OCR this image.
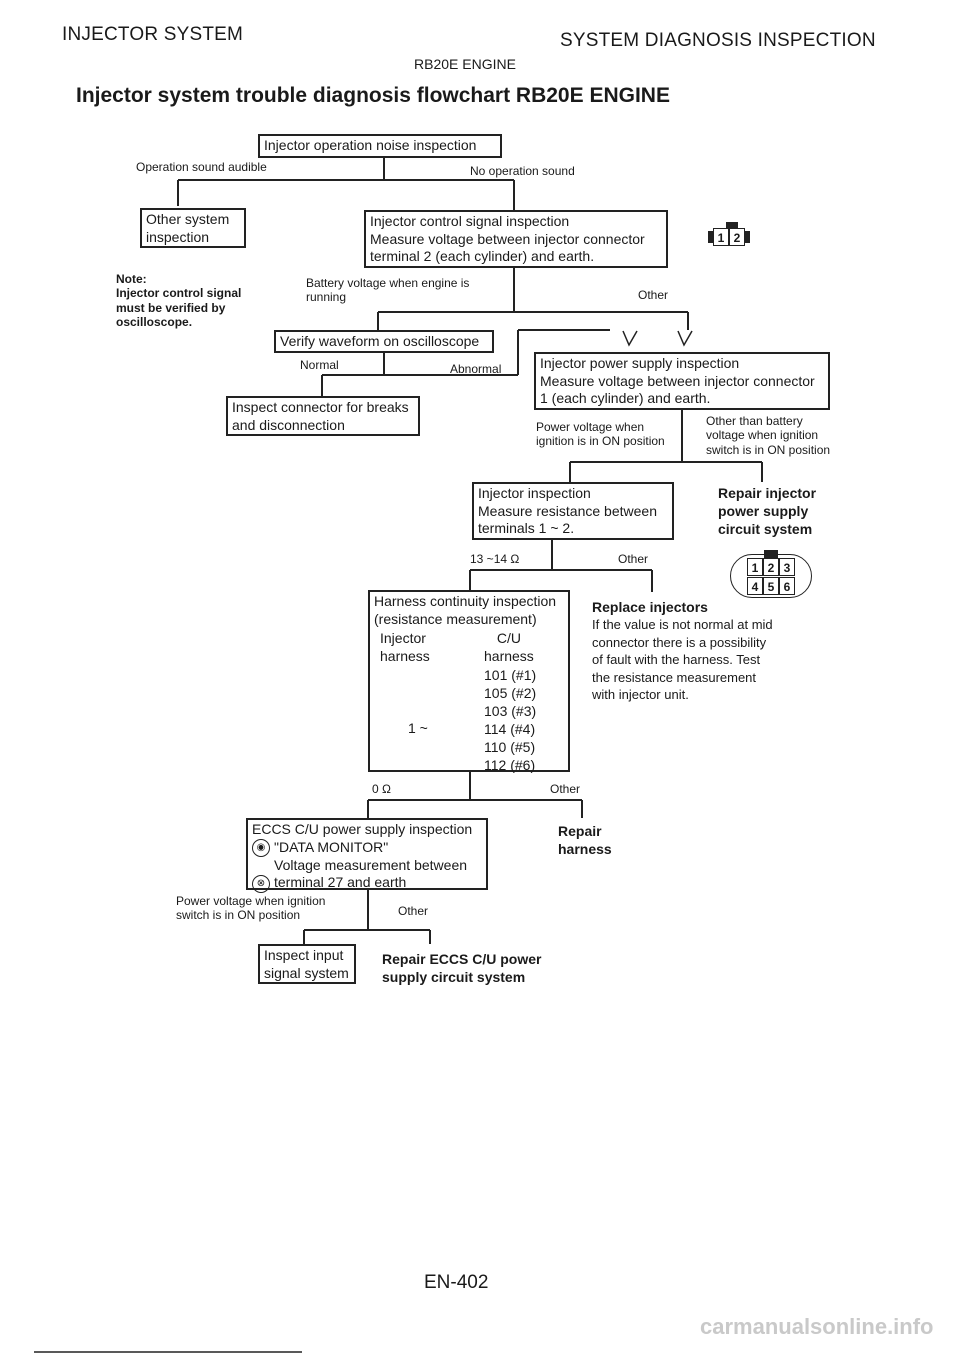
INJECTOR SYSTEM	SYSTEM DIAGNOSIS INSPECTION
RB20E ENGINE
Injector system trouble diagnosis flowchart RB20E ENGINE
Injector operation noise inspection
Operation sound audible	No operation sound
Other system
inspection
Injector control signal inspection
Measure voltage between injector connector
terminal 2 (each cylinder) and earth.
1 2
Note:
Injector control signal
must be verified by
oscilloscope.
Battery voltage when engine is
running	Other
Verify waveform on oscilloscope
Normal	Abnormal	Injector power supply inspection
Measure voltage between injector connector
1 (each cylinder) and earth.
Inspect connector for breaks
and disconnection	Power voltage when
ignition is in ON position
Other than battery
voltage when ignition
switch is in ON position
Injector inspection
Measure resistance between
terminals 1 ~ 2.
Repair injector
power supply
circuit system
13 ~14 Ω	Other
1 2 3
4 5 6
Harness continuity inspection
(resistance measurement)
Injector
harness
C/U
harness
101 (#1)
105 (#2)
103 (#3)
114 (#4)
110 (#5)
112 (#6)
1 ~
Replace injectors
If the value is not normal at mid
connector there is a possibility
of fault with the harness. Test
the resistance measurement
with injector unit.
0 Ω	Other
ECCS C/U power supply inspection
◉ "DATA MONITOR"
Voltage measurement between
⊗ terminal 27 and earth
Repair
harness
Power voltage when ignition
switch is in ON position	Other
Inspect input
signal system
Repair ECCS C/U power
supply circuit system
EN-402
carmanualsonline.info
